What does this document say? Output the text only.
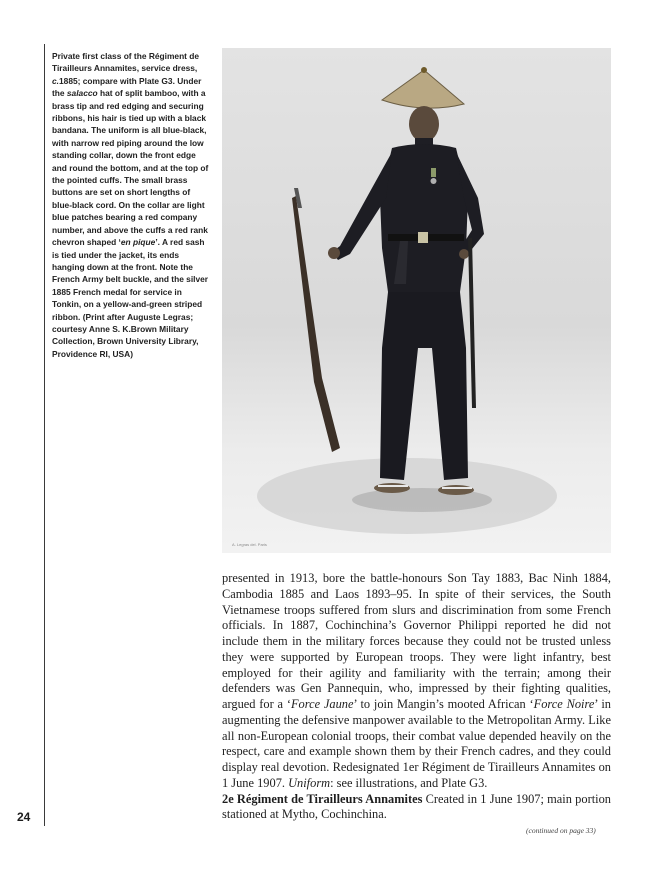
Private first class of the Régiment de Tirailleurs Annamites, service dress, c.1885; compare with Plate G3. Under the salacco hat of split bamboo, with a brass tip and red edging and securing ribbons, his hair is tied up with a black bandana. The uniform is all blue-black, with narrow red piping around the low standing collar, down the front edge and round the bottom, and at the top of the pointed cuffs. The small brass buttons are set on short lengths of blue-black cord. On the collar are light blue patches bearing a red company number, and above the cuffs a red rank chevron shaped ‘en pique’. A red sash is tied under the jacket, its ends hanging down at the front. Note the French Army belt buckle, and the silver 1885 French medal for service in Tonkin, on a yellow-and-green striped ribbon. (Print after Auguste Legras; courtesy Anne S. K.Brown Military Collection, Brown University Library, Providence RI, USA)
A. Legras del. Paris

presented in 1913, bore the battle-honours Son Tay 1883, Bac Ninh 1884, Cambodia 1885 and Laos 1893–95. In spite of their services, the South Vietnamese troops suffered from slurs and discrimination from some French officials. In 1887, Cochinchina’s Governor Philippi reported he did not include them in the military forces because they could not be trusted unless they were supported by European troops. They were light infantry, best employed for their agility and familiarity with the terrain; among their defenders was Gen Pannequin, who, impressed by their fighting qualities, argued for a ‘Force Jaune’ to join Mangin’s mooted African ‘Force Noire’ in augmenting the defensive manpower available to the Metropolitan Army. Like all non-European colonial troops, their combat value depended heavily on the respect, care and example shown them by their French cadres, and they could display real devotion. Redesignated 1er Régiment de Tirailleurs Annamites on 1 June 1907. Uniform: see illustrations, and Plate G3.

2e Régiment de Tirailleurs Annamites Created in 1 June 1907; main portion stationed at Mytho, Cochinchina.

24
(continued on page 33)
